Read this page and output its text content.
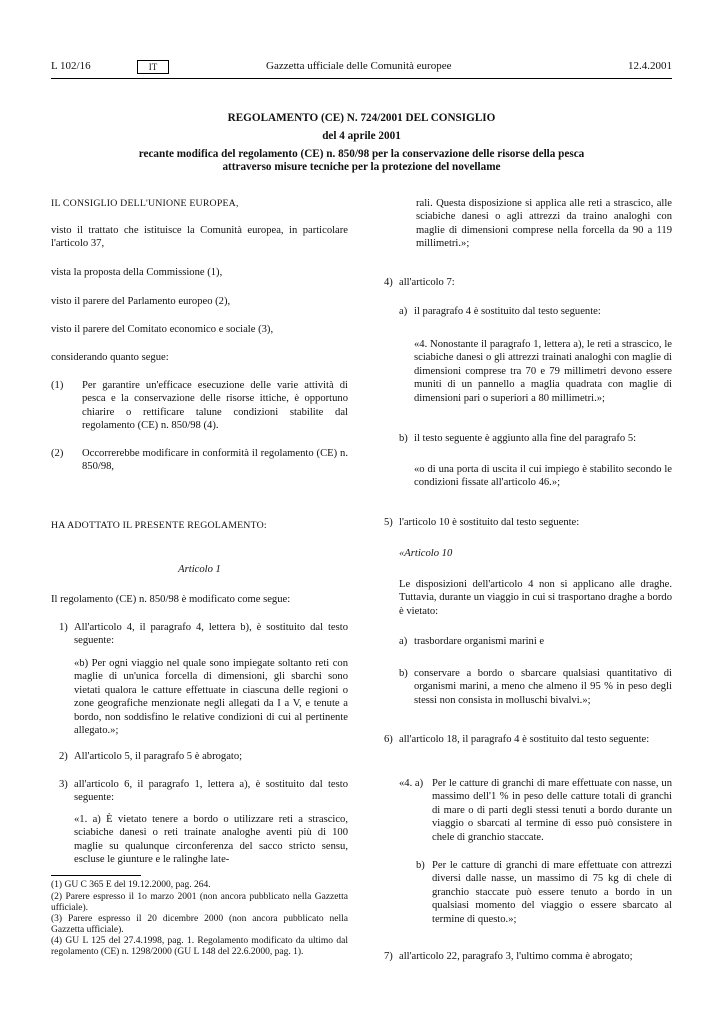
L 102/16	IT	Gazzetta ufficiale delle Comunità europee	12.4.2001
REGOLAMENTO (CE) N. 724/2001 DEL CONSIGLIO
del 4 aprile 2001
recante modifica del regolamento (CE) n. 850/98 per la conservazione delle risorse della pesca
attraverso misure tecniche per la protezione del novellame

IL CONSIGLIO DELL'UNIONE EUROPEA,

visto il trattato che istituisce la Comunità europea, in particolare l'articolo 37,

vista la proposta della Commissione (1),

visto il parere del Parlamento europeo (2),

visto il parere del Comitato economico e sociale (3),

considerando quanto segue:

(1) Per garantire un'efficace esecuzione delle varie attività di pesca e la conservazione delle risorse ittiche, è opportuno chiarire o rettificare talune condizioni stabilite dal regolamento (CE) n. 850/98 (4).

(2) Occorrerebbe modificare in conformità il regolamento (CE) n. 850/98,

HA ADOTTATO IL PRESENTE REGOLAMENTO:

Articolo 1

Il regolamento (CE) n. 850/98 è modificato come segue:

1) All'articolo 4, il paragrafo 4, lettera b), è sostituito dal testo seguente:

«b) Per ogni viaggio nel quale sono impiegate soltanto reti con maglie di un'unica forcella di dimensioni, gli sbarchi sono vietati qualora le catture effettuate in ciascuna delle regioni o zone geografiche menzionate negli allegati da I a V, e tenute a bordo, non soddisfino le relative condizioni di cui al pertinente allegato.»;

2) All'articolo 5, il paragrafo 5 è abrogato;

3) all'articolo 6, il paragrafo 1, lettera a), è sostituito dal testo seguente:

«1. a) È vietato tenere a bordo o utilizzare reti a strascico, sciabiche danesi o reti trainate analoghe aventi più di 100 maglie su qualunque circonferenza del sacco stricto sensu, escluse le giunture e le ralinghe late-

(1) GU C 365 E del 19.12.2000, pag. 264.

(2) Parere espresso il 1o marzo 2001 (non ancora pubblicato nella Gazzetta ufficiale).

(3) Parere espresso il 20 dicembre 2000 (non ancora pubblicato nella Gazzetta ufficiale).

(4) GU L 125 del 27.4.1998, pag. 1. Regolamento modificato da ultimo dal regolamento (CE) n. 1298/2000 (GU L 148 del 22.6.2000, pag. 1).

rali. Questa disposizione si applica alle reti a strascico, alle sciabiche danesi o agli attrezzi da traino analoghi con maglie di dimensioni comprese nella forcella da 90 a 119 millimetri.»;

4) all'articolo 7:

a) il paragrafo 4 è sostituito dal testo seguente:

«4. Nonostante il paragrafo 1, lettera a), le reti a strascico, le sciabiche danesi o gli attrezzi trainati analoghi con maglie di dimensioni comprese tra 70 e 79 millimetri devono essere muniti di un pannello a maglia quadrata con maglie di dimensioni pari o superiori a 80 millimetri.»;

b) il testo seguente è aggiunto alla fine del paragrafo 5:

«o di una porta di uscita il cui impiego è stabilito secondo le condizioni fissate all'articolo 46.»;

5) l'articolo 10 è sostituito dal testo seguente:

«Articolo 10

Le disposizioni dell'articolo 4 non si applicano alle draghe. Tuttavia, durante un viaggio in cui si trasportano draghe a bordo è vietato:

a) trasbordare organismi marini e

b) conservare a bordo o sbarcare qualsiasi quantitativo di organismi marini, a meno che almeno il 95 % in peso degli stessi non consista in molluschi bivalvi.»;

6) all'articolo 18, il paragrafo 4 è sostituito dal testo seguente:

«4. a) Per le catture di granchi di mare effettuate con nasse, un massimo dell'1 % in peso delle catture totali di granchi di mare o di parti degli stessi tenuti a bordo durante un viaggio o sbarcati al termine di esso può consistere in chele di granchio staccate.

b) Per le catture di granchi di mare effettuate con attrezzi diversi dalle nasse, un massimo di 75 kg di chele di granchio staccate può essere tenuto a bordo in un qualsiasi momento del viaggio o essere sbarcato al termine di questo.»;

7) all'articolo 22, paragrafo 3, l'ultimo comma è abrogato;
